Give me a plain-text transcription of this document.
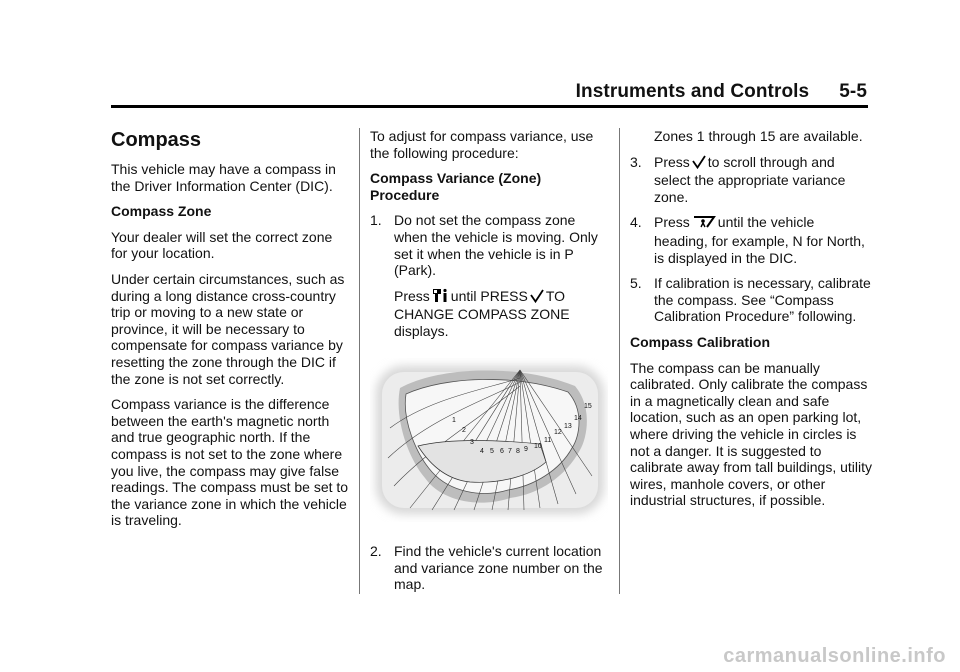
Instruments and Controls 5-5

Compass

This vehicle may have a compass in the Driver Information Center (DIC).

Compass Zone

Your dealer will set the correct zone for your location.

Under certain circumstances, such as during a long distance cross-country trip or moving to a new state or province, it will be necessary to compensate for compass variance by resetting the zone through the DIC if the zone is not set correctly.

Compass variance is the difference between the earth's magnetic north and true geographic north. If the compass is not set to the zone where you live, the compass may give false readings. The compass must be set to the variance zone in which the vehicle is traveling.

To adjust for compass variance, use the following procedure:

Compass Variance (Zone) Procedure

1. Do not set the compass zone when the vehicle is moving. Only set it when the vehicle is in P (Park).

Press until PRESS TO
CHANGE COMPASS ZONE displays.

1
2
3
4 5 6 7 8 9 10
11
12
13
14
15
2. Find the vehicle's current location and variance zone number on the map.

Zones 1 through 15 are available.

3. Press to scroll through and
select the appropriate variance zone.

4. Press until the vehicle
heading, for example, N for North, is displayed in the DIC.

5. If calibration is necessary, calibrate the compass. See “Compass Calibration Procedure” following.

Compass Calibration

The compass can be manually calibrated. Only calibrate the compass in a magnetically clean and safe location, such as an open parking lot, where driving the vehicle in circles is not a danger. It is suggested to calibrate away from tall buildings, utility wires, manhole covers, or other industrial structures, if possible.

carmanualsonline.info
